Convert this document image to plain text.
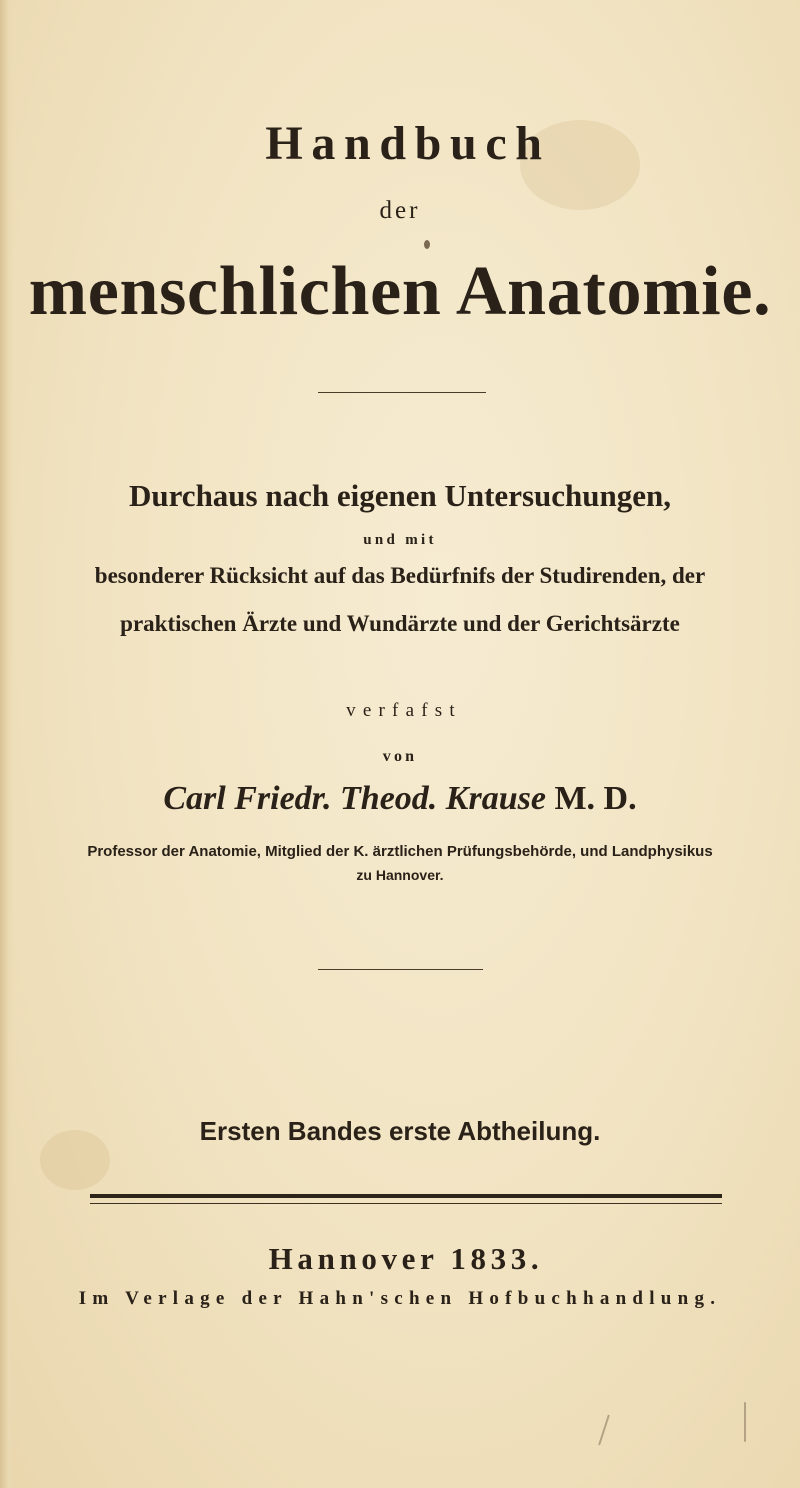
Handbuch
der
menschlichen Anatomie.
Durchaus nach eigenen Untersuchungen,
und mit
besonderer Rücksicht auf das Bedürfnifs der Studirenden, der
praktischen Ärzte und Wundärzte und der Gerichtsärzte
verfafst
von
Carl Friedr. Theod. Krause M. D.
Professor der Anatomie, Mitglied der K. ärztlichen Prüfungsbehörde, und Landphysikus
zu Hannover.
Ersten Bandes erste Abtheilung.
Hannover 1833.
Im Verlage der Hahn'schen Hofbuchhandlung.
